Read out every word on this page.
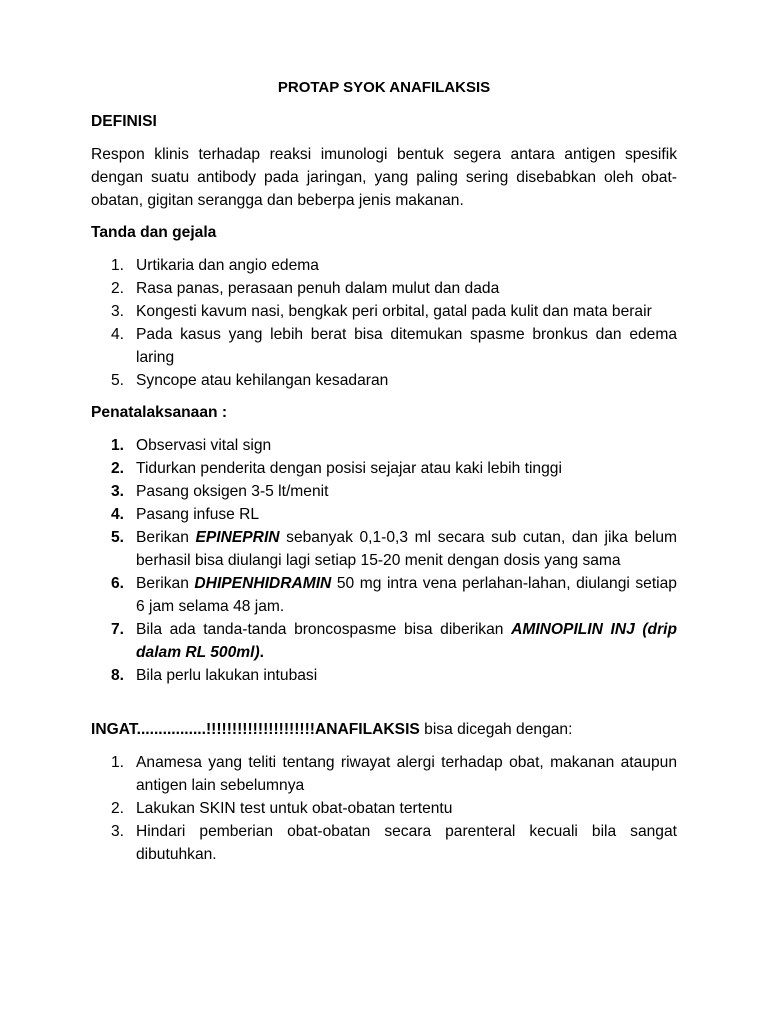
PROTAP SYOK ANAFILAKSIS
DEFINISI
Respon klinis terhadap reaksi imunologi bentuk segera antara antigen spesifik dengan suatu antibody pada jaringan, yang paling sering disebabkan oleh obat-obatan, gigitan serangga dan beberpa jenis makanan.
Tanda dan gejala
1. Urtikaria dan angio edema
2. Rasa panas, perasaan penuh dalam mulut dan dada
3. Kongesti kavum nasi, bengkak peri orbital, gatal pada kulit dan mata berair
4. Pada kasus yang lebih berat bisa ditemukan spasme bronkus dan edema laring
5. Syncope atau kehilangan kesadaran
Penatalaksanaan :
1. Observasi vital sign
2. Tidurkan penderita dengan posisi sejajar atau kaki lebih tinggi
3. Pasang oksigen 3-5 lt/menit
4. Pasang infuse RL
5. Berikan EPINEPRIN sebanyak 0,1-0,3 ml secara sub cutan, dan jika belum berhasil bisa diulangi lagi setiap 15-20 menit dengan dosis yang sama
6. Berikan DHIPENHIDRAMIN 50 mg intra vena perlahan-lahan, diulangi setiap 6 jam selama 48 jam.
7. Bila ada tanda-tanda broncospasme bisa diberikan AMINOPILIN INJ (drip dalam RL 500ml).
8. Bila perlu lakukan intubasi
INGAT................!!!!!!!!!!!!!!!!!!!!!ANAFILAKSIS bisa dicegah dengan:
1. Anamesa yang teliti tentang riwayat alergi terhadap obat, makanan ataupun antigen lain sebelumnya
2. Lakukan SKIN test untuk obat-obatan tertentu
3. Hindari pemberian obat-obatan secara parenteral kecuali bila sangat dibutuhkan.
